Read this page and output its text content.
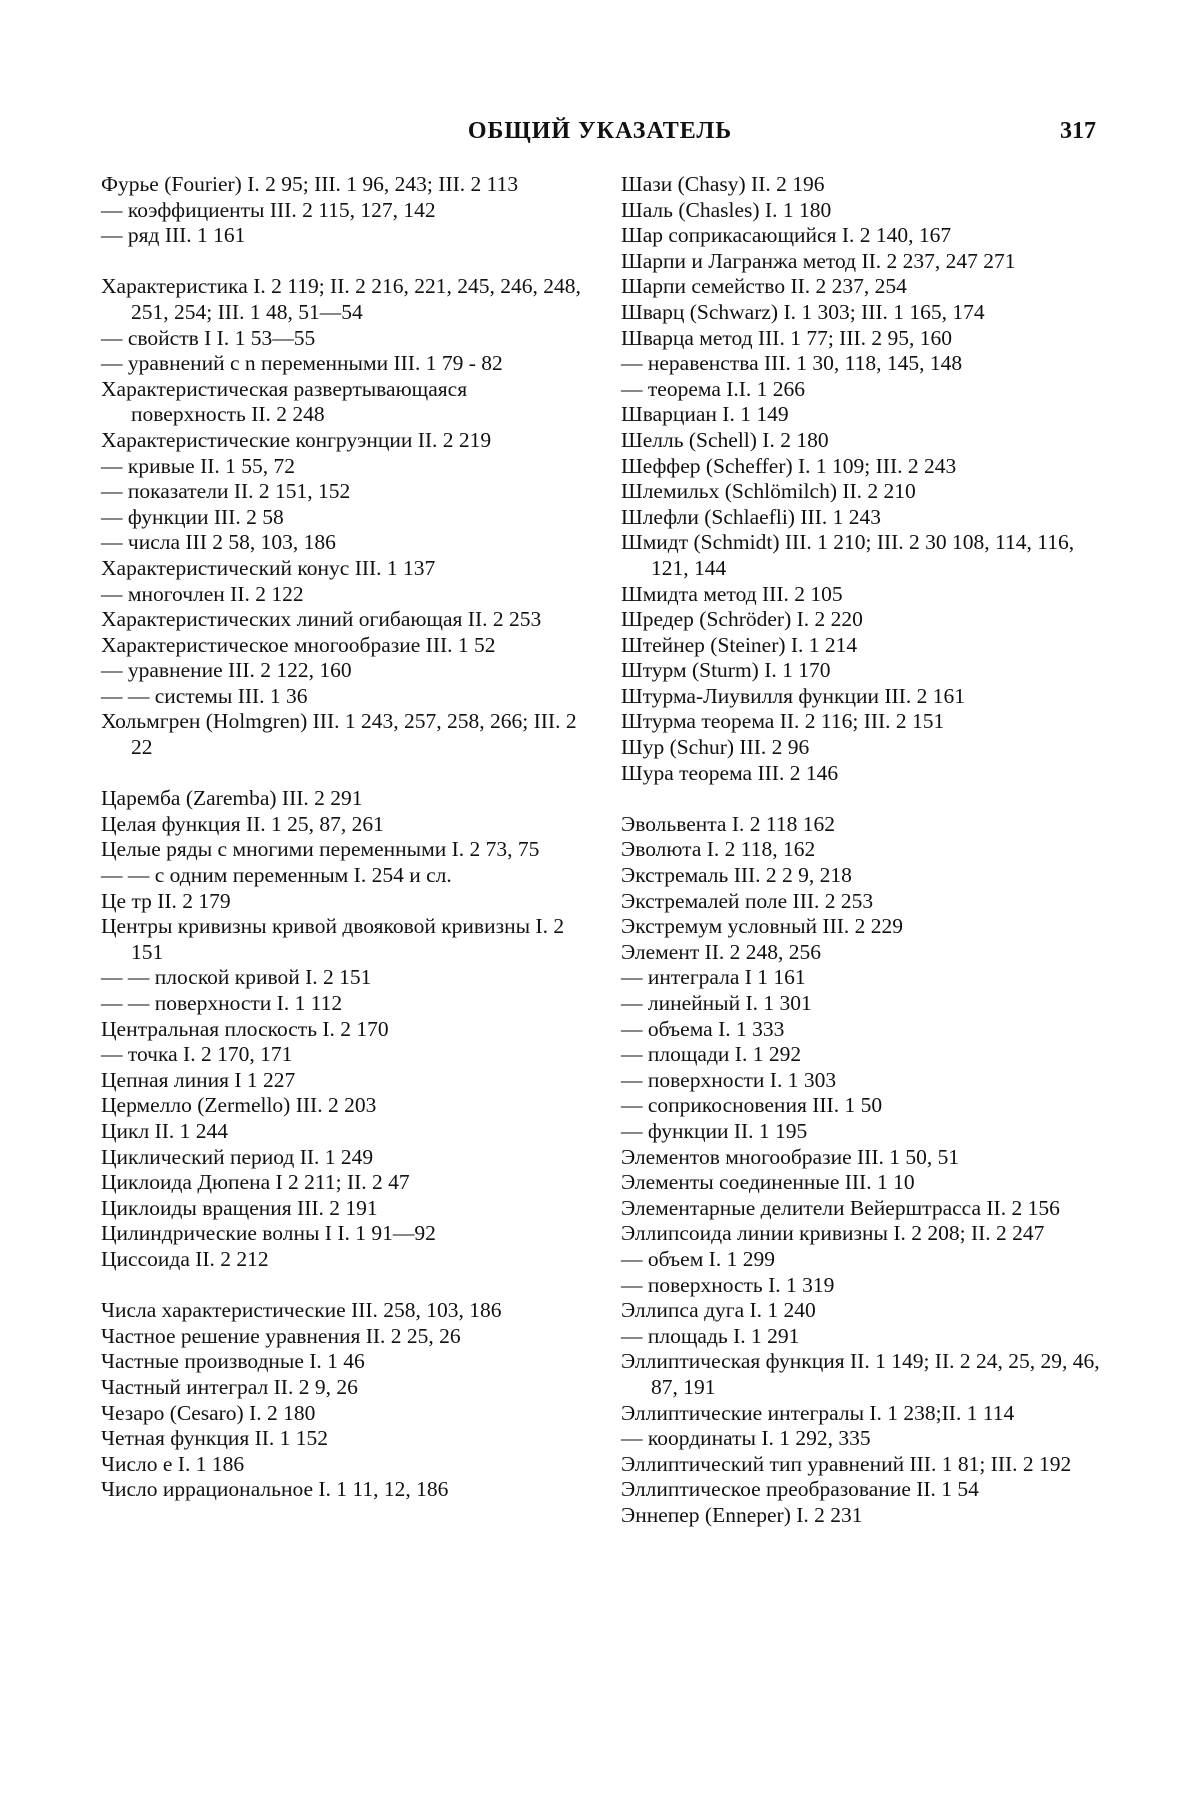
ОБЩИЙ УКАЗАТЕЛЬ	317
Фурье (Fourier) I. 2 95; III. 1 96, 243; III. 2 113
— коэффициенты III. 2 115, 127, 142
— ряд III. 1 161
Характеристика I. 2 119; II. 2 216, 221, 245, 246, 248, 251, 254; III. 1 48, 51—54
— свойств I I. 1 53—55
— уравнений с n переменными III. 1 79 - 82
Характеристическая развертывающаяся поверхность II. 2 248
Характеристические конгруэнции II. 2 219
— кривые II. 1 55, 72
— показатели II. 2 151, 152
— функции III. 2 58
— числа III 2 58, 103, 186
Характеристический конус III. 1 137
— многочлен II. 2 122
Характеристических линий огибающая II. 2 253
Характеристическое многообразие III. 1 52
— уравнение III. 2 122, 160
— — системы III. 1 36
Хольмгрен (Holmgren) III. 1 243, 257, 258, 266; III. 2 22
Царемба (Zaremba) III. 2 291
Целая функция II. 1 25, 87, 261
Целые ряды с многими переменными I. 2 73, 75
— — с одним переменным I. 254 и сл.
Це тр II. 2 179
Центры кривизны кривой двояковой кривизны I. 2 151
— — плоской кривой I. 2 151
— — поверхности I. 1 112
Центральная плоскость I. 2 170
— точка I. 2 170, 171
Цепная линия I 1 227
Цермелло (Zermello) III. 2 203
Цикл II. 1 244
Циклический период II. 1 249
Циклоида Дюпена I 2 211; II. 2 47
Циклоиды вращения III. 2 191
Цилиндрические волны I I. 1 91—92
Циссоида II. 2 212
Числа характеристические III. 258, 103, 186
Частное решение уравнения II. 2 25, 26
Частные производные I. 1 46
Частный интеграл II. 2 9, 26
Чезаро (Cesaro) I. 2 180
Четная функция II. 1 152
Число e I. 1 186
Число иррациональное I. 1 11, 12, 186
Шази (Chasy) II. 2 196
Шаль (Chasles) I. 1 180
Шар соприкасающийся I. 2 140, 167
Шарпи и Лагранжа метод II. 2 237, 247 271
Шарпи семейство II. 2 237, 254
Шварц (Schwarz) I. 1 303; III. 1 165, 174
Шварца метод III. 1 77; III. 2 95, 160
— неравенства III. 1 30, 118, 145, 148
— теорема I.I. 1 266
Шварциан I. 1 149
Шелль (Schell) I. 2 180
Шеффер (Scheffer) I. 1 109; III. 2 243
Шлемильх (Schlömilch) II. 2 210
Шлефли (Schlaefli) III. 1 243
Шмидт (Schmidt) III. 1 210; III. 2 30 108, 114, 116, 121, 144
Шмидта метод III. 2 105
Шредер (Schröder) I. 2 220
Штейнер (Steiner) I. 1 214
Штурм (Sturm) I. 1 170
Штурма-Лиувилля функции III. 2 161
Штурма теорема II. 2 116; III. 2 151
Шур (Schur) III. 2 96
Шура теорема III. 2 146
Эвольвента I. 2 118 162
Эволюта I. 2 118, 162
Экстремаль III. 2 2 9, 218
Экстремалей поле III. 2 253
Экстремум условный III. 2 229
Элемент II. 2 248, 256
— интеграла I 1 161
— линейный I. 1 301
— объема I. 1 333
— площади I. 1 292
— поверхности I. 1 303
— соприкосновения III. 1 50
— функции II. 1 195
Элементов многообразие III. 1 50, 51
Элементы соединенные III. 1 10
Элементарные делители Вейерштрасса II. 2 156
Эллипсоида линии кривизны I. 2 208; II. 2 247
— объем I. 1 299
— поверхность I. 1 319
Эллипса дуга I. 1 240
— площадь I. 1 291
Эллиптическая функция II. 1 149; II. 2 24, 25, 29, 46, 87, 191
Эллиптические интегралы I. 1 238;II. 1 114
— координаты I. 1 292, 335
Эллиптический тип уравнений III. 1 81; III. 2 192
Эллиптическое преобразование II. 1 54
Эннепер (Enneper) I. 2 231
